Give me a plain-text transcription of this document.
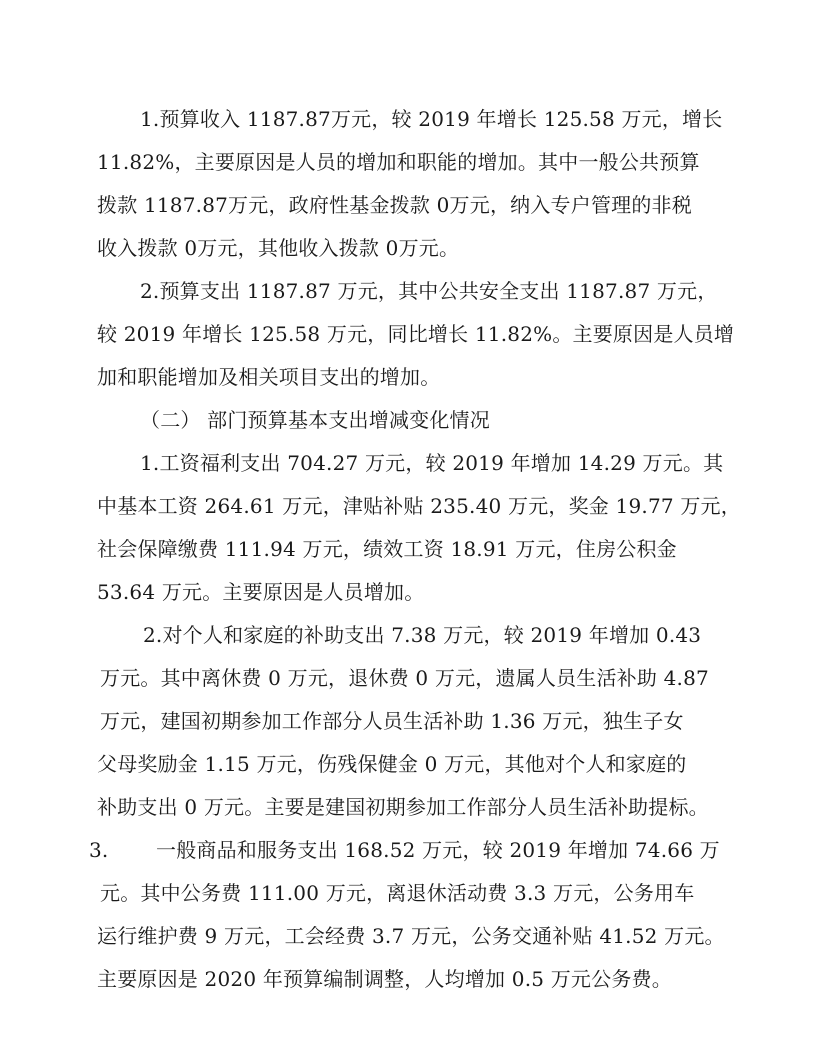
1.预算收入 1187.87万元，较 2019 年增长 125.58 万元，增长
11.82%，主要原因是人员的增加和职能的增加。其中一般公共预算
拨款 1187.87万元，政府性基金拨款 0万元，纳入专户管理的非税
收入拨款 0万元，其他收入拨款 0万元。
2.预算支出 1187.87 万元，其中公共安全支出 1187.87 万元，
较 2019 年增长 125.58 万元，同比增长 11.82%。主要原因是人员增
加和职能增加及相关项目支出的增加。
（二） 部门预算基本支出增减变化情况
1.工资福利支出 704.27 万元，较 2019 年增加 14.29 万元。其
中基本工资 264.61 万元，津贴补贴 235.40 万元，奖金 19.77 万元，
社会保障缴费 111.94 万元，绩效工资 18.91 万元，住房公积金
53.64 万元。主要原因是人员增加。
2.对个人和家庭的补助支出 7.38 万元，较 2019 年增加 0.43
万元。其中离休费 0 万元，退休费 0 万元，遗属人员生活补助 4.87
万元，建国初期参加工作部分人员生活补助 1.36 万元，独生子女
父母奖励金 1.15 万元，伤残保健金 0 万元，其他对个人和家庭的
补助支出 0 万元。主要是建国初期参加工作部分人员生活补助提标。
3. 一般商品和服务支出 168.52 万元，较 2019 年增加 74.66 万
元。其中公务费 111.00 万元，离退休活动费 3.3 万元，公务用车
运行维护费 9 万元，工会经费 3.7 万元，公务交通补贴 41.52 万元。
主要原因是 2020 年预算编制调整，人均增加 0.5 万元公务费。
